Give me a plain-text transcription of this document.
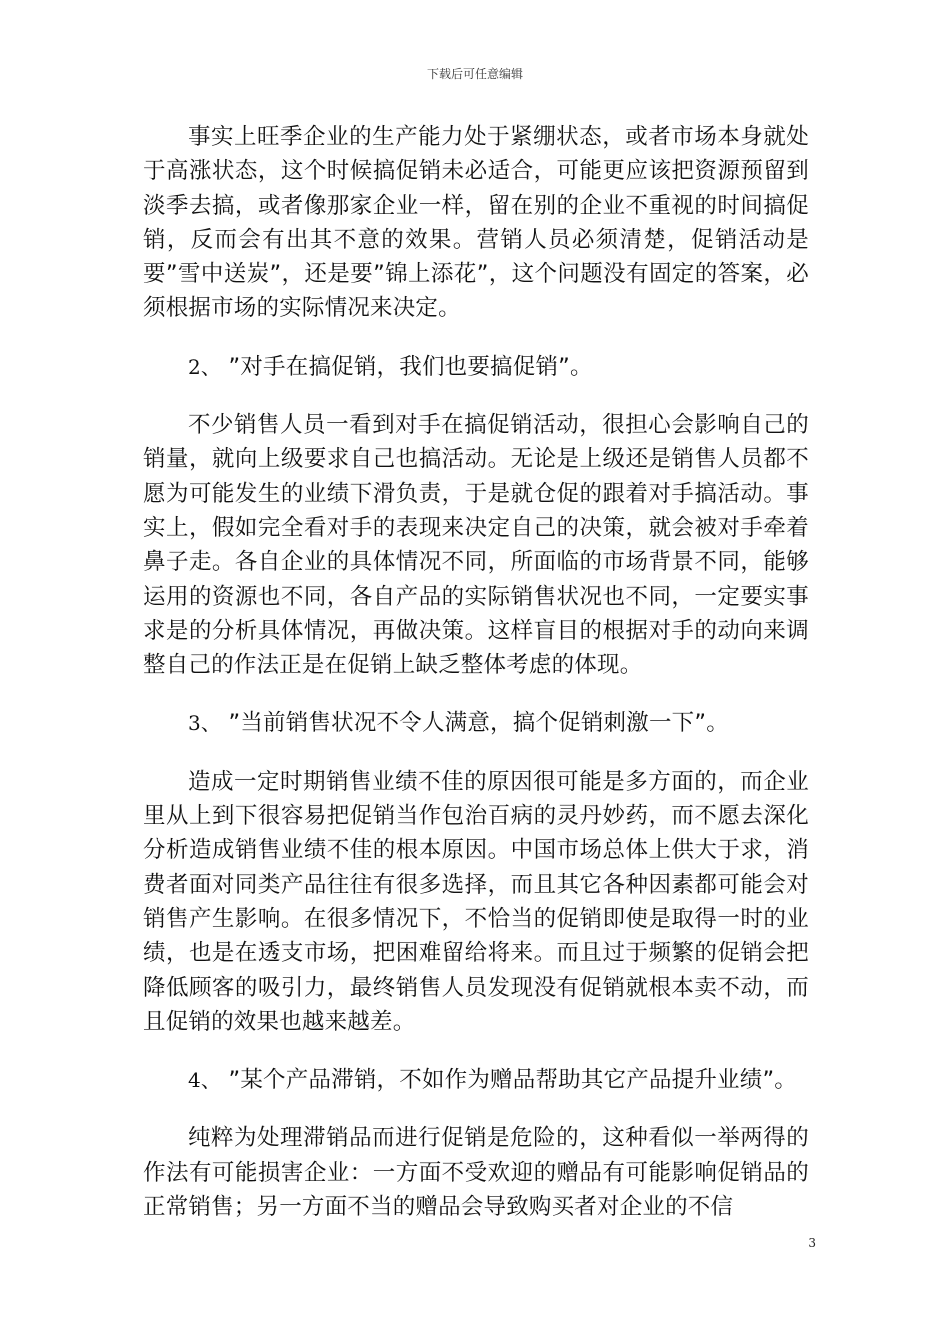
下载后可任意编辑

事实上旺季企业的生产能力处于紧绷状态，或者市场本身就处于高涨状态，这个时候搞促销未必适合，可能更应该把资源预留到淡季去搞，或者像那家企业一样，留在别的企业不重视的时间搞促销，反而会有出其不意的效果。营销人员必须清楚，促销活动是要”雪中送炭”，还是要”锦上添花”，这个问题没有固定的答案，必须根据市场的实际情况来决定。

2、 ”对手在搞促销，我们也要搞促销”。

不少销售人员一看到对手在搞促销活动，很担心会影响自己的销量，就向上级要求自己也搞活动。无论是上级还是销售人员都不愿为可能发生的业绩下滑负责，于是就仓促的跟着对手搞活动。事实上，假如完全看对手的表现来决定自己的决策，就会被对手牵着鼻子走。各自企业的具体情况不同，所面临的市场背景不同，能够运用的资源也不同，各自产品的实际销售状况也不同，一定要实事求是的分析具体情况，再做决策。这样盲目的根据对手的动向来调整自己的作法正是在促销上缺乏整体考虑的体现。

3、 ”当前销售状况不令人满意，搞个促销刺激一下”。

造成一定时期销售业绩不佳的原因很可能是多方面的，而企业里从上到下很容易把促销当作包治百病的灵丹妙药，而不愿去深化分析造成销售业绩不佳的根本原因。中国市场总体上供大于求，消费者面对同类产品往往有很多选择，而且其它各种因素都可能会对销售产生影响。在很多情况下，不恰当的促销即使是取得一时的业绩，也是在透支市场，把困难留给将来。而且过于频繁的促销会把降低顾客的吸引力，最终销售人员发现没有促销就根本卖不动，而且促销的效果也越来越差。

4、 ”某个产品滞销，不如作为赠品帮助其它产品提升业绩”。

纯粹为处理滞销品而进行促销是危险的，这种看似一举两得的作法有可能损害企业：一方面不受欢迎的赠品有可能影响促销品的正常销售；另一方面不当的赠品会导致购买者对企业的不信

3
